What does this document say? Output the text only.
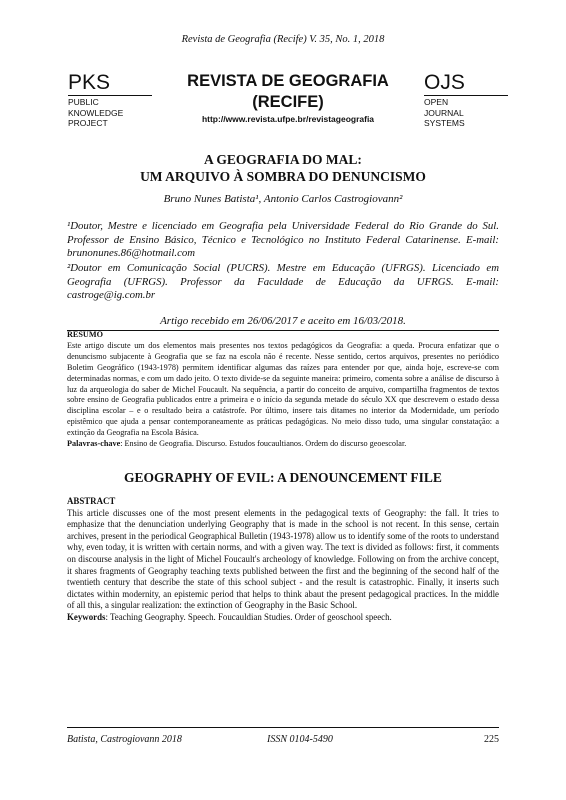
Revista de Geografia (Recife) V. 35, No. 1, 2018
PKS
PUBLIC
KNOWLEDGE
PROJECT
REVISTA DE GEOGRAFIA
(RECIFE)
http://www.revista.ufpe.br/revistageografia
OJS
OPEN
JOURNAL
SYSTEMS
A GEOGRAFIA DO MAL:
UM ARQUIVO À SOMBRA DO DENUNCISMO
Bruno Nunes Batista¹, Antonio Carlos Castrogiovann²
¹Doutor, Mestre e licenciado em Geografia pela Universidade Federal do Rio Grande do Sul. Professor de Ensino Básico, Técnico e Tecnológico no Instituto Federal Catarinense. E-mail: brunonunes.86@hotmail.com
²Doutor em Comunicação Social (PUCRS). Mestre em Educação (UFRGS). Licenciado em Geografia (UFRGS). Professor da Faculdade de Educação da UFRGS. E-mail: castroge@ig.com.br
Artigo recebido em 26/06/2017 e aceito em 16/03/2018.
RESUMO
Este artigo discute um dos elementos mais presentes nos textos pedagógicos da Geografia: a queda. Procura enfatizar que o denuncismo subjacente à Geografia que se faz na escola não é recente. Nesse sentido, certos arquivos, presentes no periódico Boletim Geográfico (1943-1978) permitem identificar algumas das raízes para entender por que, ainda hoje, escreve-se com determinadas normas, e com um dado jeito. O texto divide-se da seguinte maneira: primeiro, comenta sobre a análise de discurso à luz da arqueologia do saber de Michel Foucault. Na sequência, a partir do conceito de arquivo, compartilha fragmentos de textos sobre ensino de Geografia publicados entre a primeira e o início da segunda metade do século XX que descrevem o estado dessa disciplina escolar – e o resultado beira a catástrofe. Por último, insere tais ditames no interior da Modernidade, um período epistêmico que ajuda a pensar contemporaneamente as práticas pedagógicas. No meio disso tudo, uma singular constatação: a extinção da Geografia na Escola Básica.
Palavras-chave: Ensino de Geografia. Discurso. Estudos foucaultianos. Ordem do discurso geoescolar.
GEOGRAPHY OF EVIL: A DENOUNCEMENT FILE
ABSTRACT
This article discusses one of the most present elements in the pedagogical texts of Geography: the fall. It tries to emphasize that the denunciation underlying Geography that is made in the school is not recent. In this sense, certain archives, present in the periodical Geographical Bulletin (1943-1978) allow us to identify some of the roots to understand why, even today, it is written with certain norms, and with a given way. The text is divided as follows: first, it comments on discourse analysis in the light of Michel Foucault's archeology of knowledge. Following on from the archive concept, it shares fragments of Geography teaching texts published between the first and the beginning of the second half of the twentieth century that describe the state of this school subject - and the result is catastrophic. Finally, it inserts such dictates within modernity, an epistemic period that helps to think abaut the present pedagogical practices. In the middle of all this, a singular realization: the extinction of Geography in the Basic School.
Keywords: Teaching Geography. Speech. Foucauldian Studies. Order of geoschool speech.
Batista, Castrogiovann 2018	ISSN 0104-5490	225
